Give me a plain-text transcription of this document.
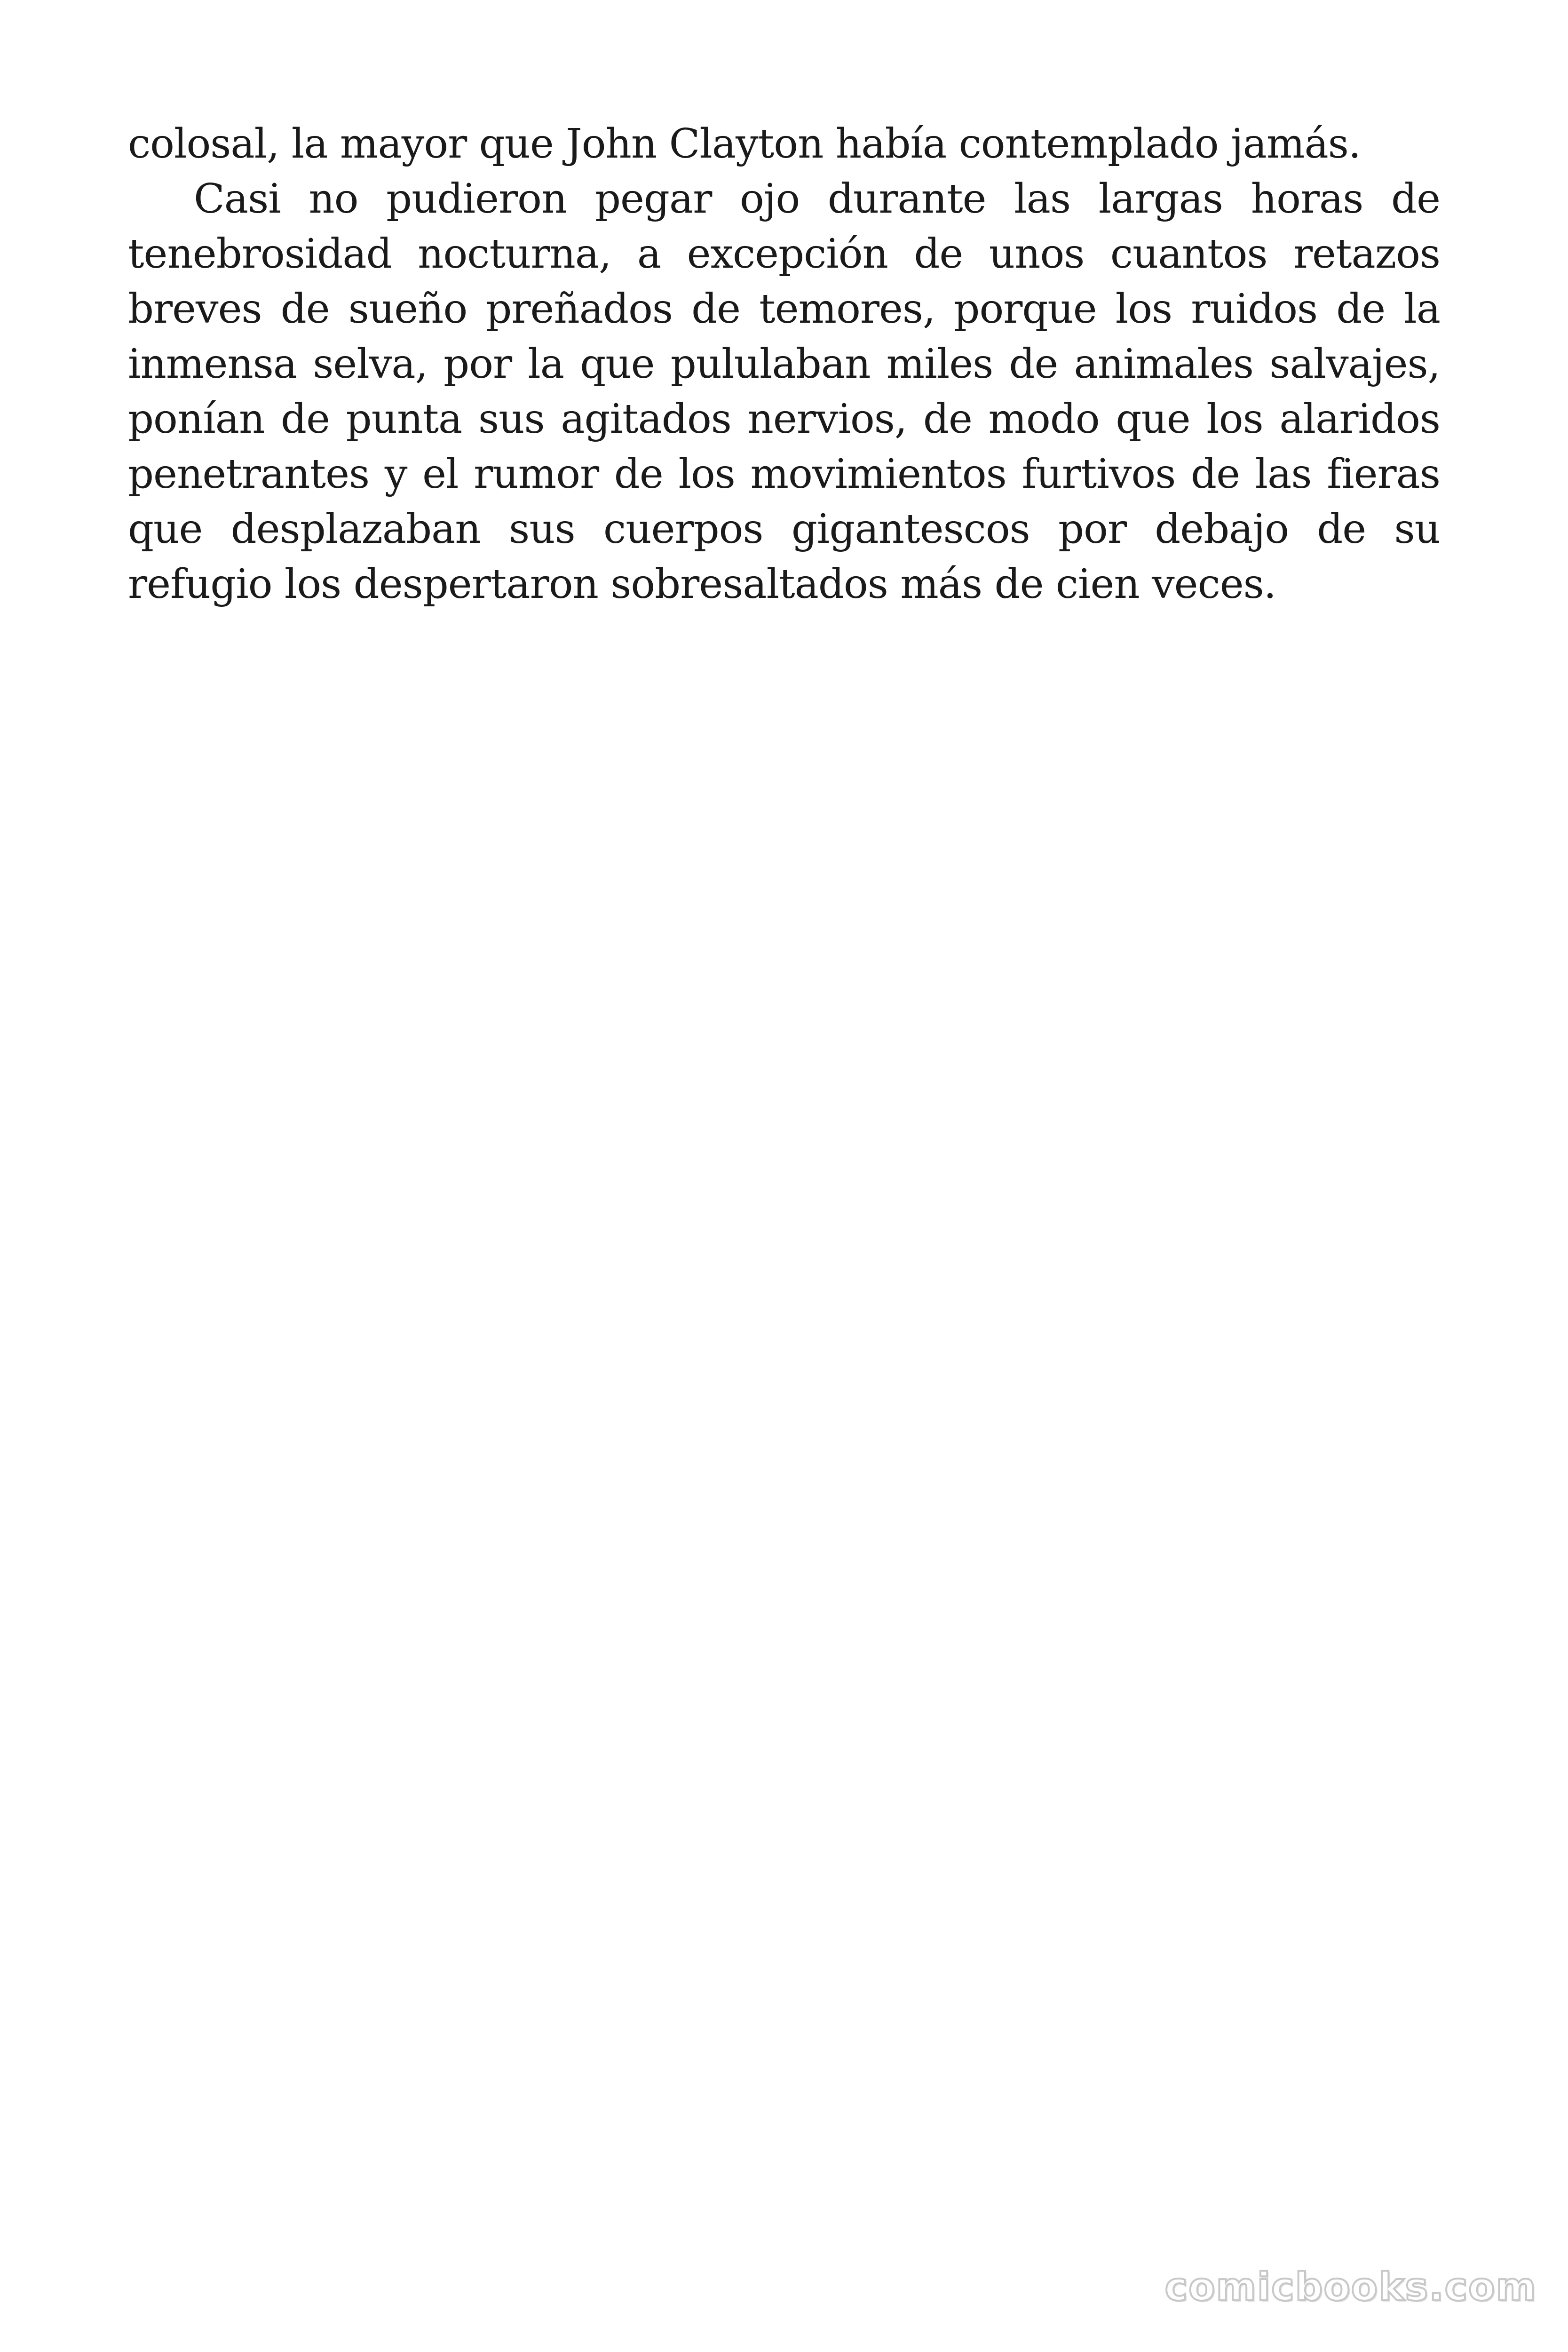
colosal, la mayor que John Clayton había contemplado jamás.

Casi no pudieron pegar ojo durante las largas horas de tenebrosidad nocturna, a excepción de unos cuantos retazos breves de sueño preñados de temores, porque los ruidos de la inmensa selva, por la que pululaban miles de animales salvajes, ponían de punta sus agitados nervios, de modo que los alaridos penetrantes y el rumor de los movimientos furtivos de las fieras que desplazaban sus cuerpos gigantescos por debajo de su refugio los despertaron sobresaltados más de cien veces.

comicbooks.com
